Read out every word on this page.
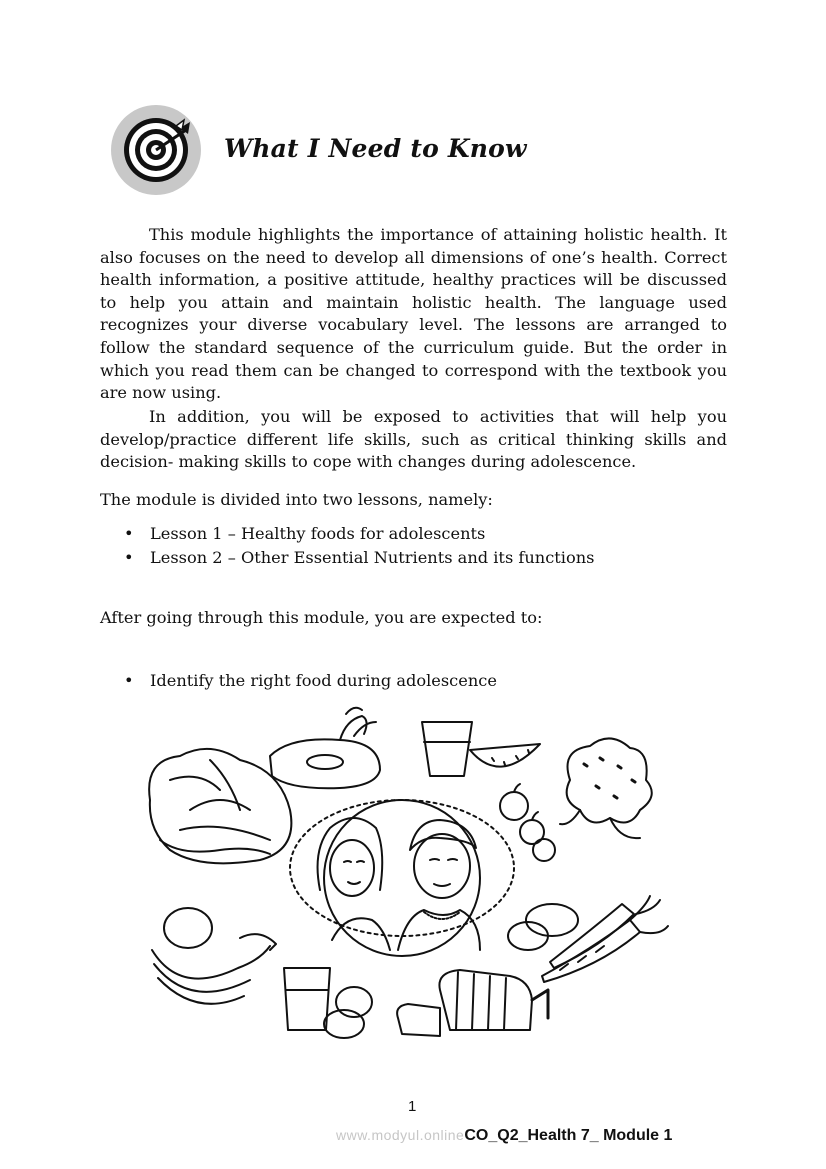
What I Need to Know

This module highlights the importance of attaining holistic health. It also focuses on the need to develop all dimensions of one’s health. Correct health information, a positive attitude, healthy practices will be discussed to help you attain and maintain holistic health. The language used recognizes your diverse vocabulary level. The lessons are arranged to follow the standard sequence of the curriculum guide. But the order in which you read them can be changed to correspond with the textbook you are now using.

In addition, you will be exposed to activities that will help you develop/practice different life skills, such as critical thinking skills and decision- making skills to cope with changes during adolescence.

The module is divided into two lessons, namely:
• Lesson 1 – Healthy foods for adolescents
• Lesson 2 – Other Essential Nutrients and its functions
After going through this module, you are expected to:
• Identify the right food during adolescence
1
www.modyul.onlineCO_Q2_Health 7_ Module 1
